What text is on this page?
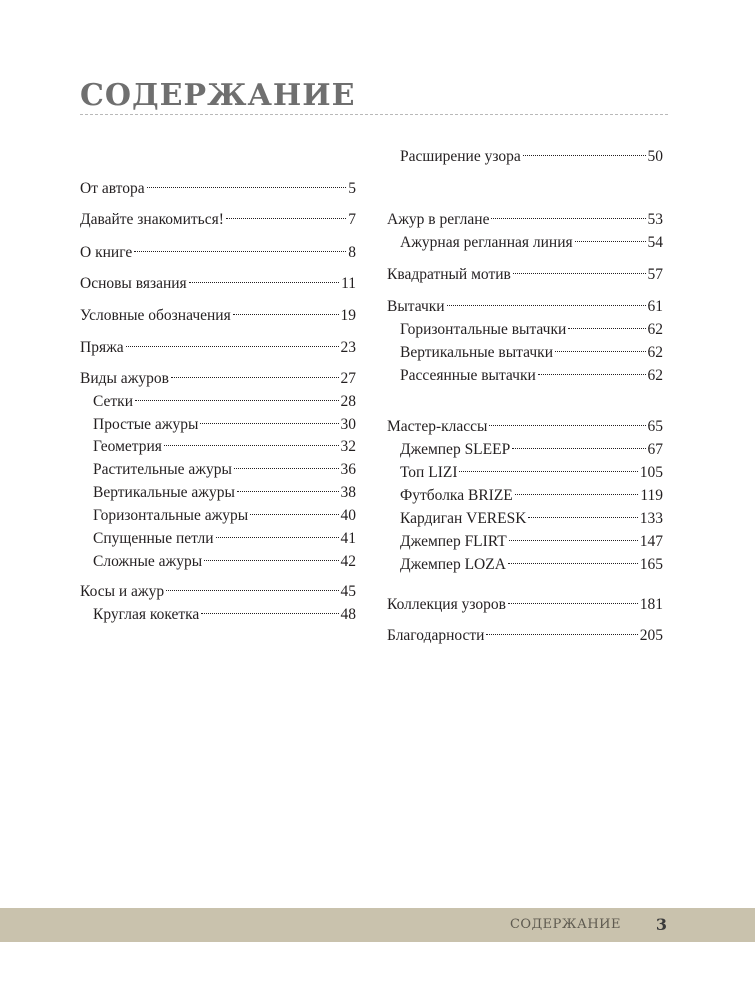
СОДЕРЖАНИЕ
От автора	5
Давайте знакомиться!	7
О книге	8
Основы вязания	11
Условные обозначения	19
Пряжа	23
Виды ажуров	27
Сетки	28
Простые ажуры	30
Геометрия	32
Растительные ажуры	36
Вертикальные ажуры	38
Горизонтальные ажуры	40
Спущенные петли	41
Сложные ажуры	42
Косы и ажур	45
Круглая кокетка	48
Расширение узора	50
Ажур в реглане	53
Ажурная регланная линия	54
Квадратный мотив	57
Вытачки	61
Горизонтальные вытачки	62
Вертикальные вытачки	62
Рассеянные вытачки	62
Мастер-классы	65
Джемпер SLEEP	67
Топ LIZI	105
Футболка BRIZE	119
Кардиган VERESK	133
Джемпер FLIRT	147
Джемпер LOZA	165
Коллекция узоров	181
Благодарности	205
СОДЕРЖАНИЕ 3
